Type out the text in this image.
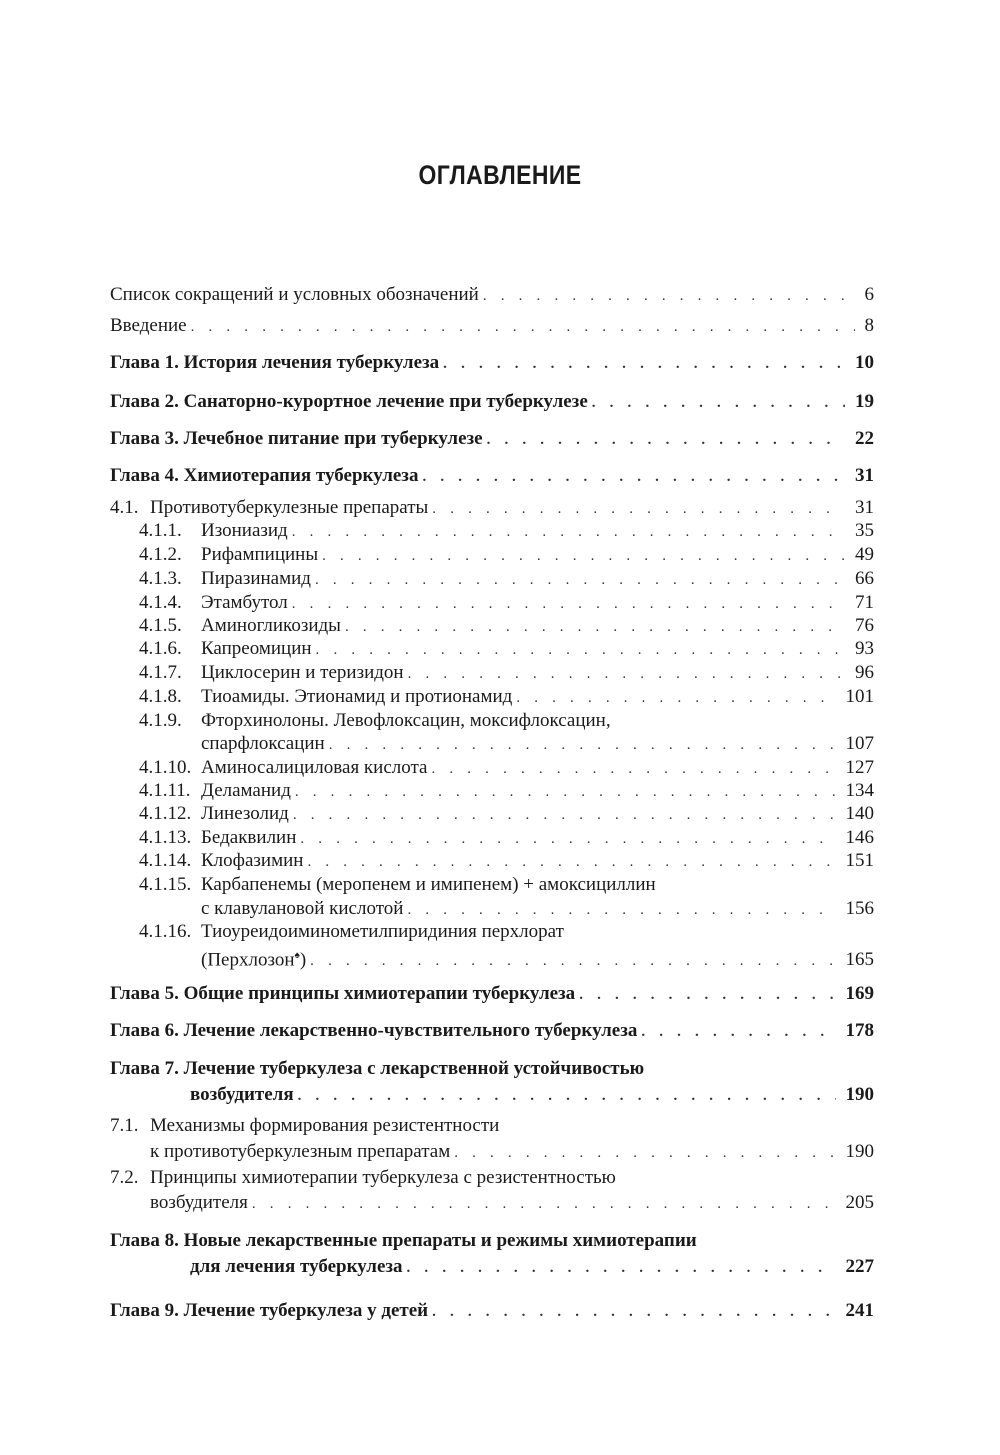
ОГЛАВЛЕНИЕ
Список сокращений и условных обозначений . . .	6
Введение . . .	8
Глава 1. История лечения туберкулеза . . .	10
Глава 2. Санаторно-курортное лечение при туберкулезе . . .	19
Глава 3. Лечебное питание при туберкулезе . . .	22
Глава 4. Химиотерапия туберкулеза . . .	31
4.1. Противотуберкулезные препараты . . .	31
4.1.1.	Изониазид . . .	35
4.1.2.	Рифампицины . . .	49
4.1.3.	Пиразинамид . . .	66
4.1.4.	Этамбутол . . .	71
4.1.5.	Аминогликозиды . . .	76
4.1.6.	Капреомицин . . .	93
4.1.7.	Циклосерин и теризидон . . .	96
4.1.8.	Тиоамиды. Этионамид и протионамид . . .	101
4.1.9. Фторхинолоны. Левофлоксацин, моксифлоксацин,
спарфлоксацин . . .	107
4.1.10. Аминосалициловая кислота . . .	127
4.1.11. Деламанид . . .	134
4.1.12. Линезолид . . .	140
4.1.13. Бедаквилин . . .	146
4.1.14. Клофазимин . . .	151
4.1.15. Карбапенемы (меропенем и имипенем) + амоксициллин
с клавулановой кислотой . . .	156
4.1.16. Тиоуреидоиминометилпиридиния перхлорат
(Перхлозон♠) . . .	165
Глава 5. Общие принципы химиотерапии туберкулеза . . .	169
Глава 6. Лечение лекарственно-чувствительного туберкулеза . . .	178
Глава 7. Лечение туберкулеза с лекарственной устойчивостью
возбудителя . . .	190
7.1. Механизмы формирования резистентности
к противотуберкулезным препаратам . . .	190
7.2. Принципы химиотерапии туберкулеза с резистентностью
возбудителя . . .	205
Глава 8. Новые лекарственные препараты и режимы химиотерапии
для лечения туберкулеза . . .	227
Глава 9. Лечение туберкулеза у детей . . .	241
